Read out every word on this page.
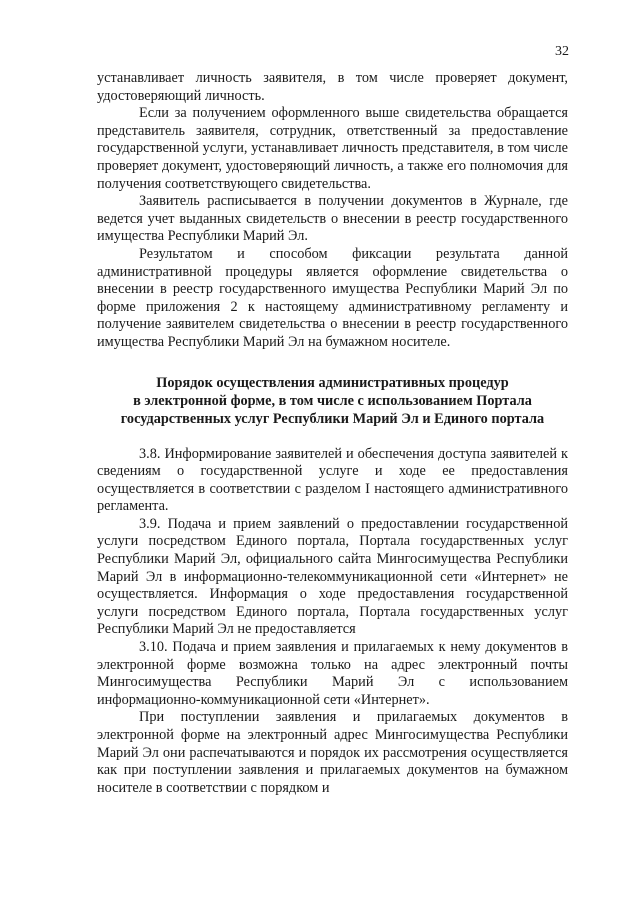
32

устанавливает личность заявителя, в том числе проверяет документ, удостоверяющий личность.

Если за получением оформленного выше свидетельства обращается представитель заявителя, сотрудник, ответственный за предоставление государственной услуги, устанавливает личность представителя, в том числе проверяет документ, удостоверяющий личность, а также его полномочия для получения соответствующего свидетельства.

Заявитель расписывается в получении документов в Журнале, где ведется учет выданных свидетельств о внесении в реестр государственного имущества Республики Марий Эл.

Результатом и способом фиксации результата данной административной процедуры является оформление свидетельства о внесении в реестр государственного имущества Республики Марий Эл по форме приложения 2 к настоящему административному регламенту и получение заявителем свидетельства о внесении в реестр государственного имущества Республики Марий Эл на бумажном носителе.

Порядок осуществления административных процедур
в электронной форме, в том числе с использованием Портала
государственных услуг Республики Марий Эл и Единого портала

3.8. Информирование заявителей и обеспечения доступа заявителей к сведениям о государственной услуге и ходе ее предоставления осуществляется в соответствии с разделом I настоящего административного регламента.

3.9. Подача и прием заявлений о предоставлении государственной услуги посредством Единого портала, Портала государственных услуг Республики Марий Эл, официального сайта Мингосимущества Республики Марий Эл в информационно-телекоммуникационной сети «Интернет» не осуществляется. Информация о ходе предоставления государственной услуги посредством Единого портала, Портала государственных услуг Республики Марий Эл не предоставляется

3.10. Подача и прием заявления и прилагаемых к нему документов в электронной форме возможна только на адрес электронный почты Мингосимущества Республики Марий Эл с использованием информационно-коммуникационной сети «Интернет».

При поступлении заявления и прилагаемых документов в электронной форме на электронный адрес Мингосимущества Республики Марий Эл они распечатываются и порядок их рассмотрения осуществляется как при поступлении заявления и прилагаемых документов на бумажном носителе в соответствии с порядком и
